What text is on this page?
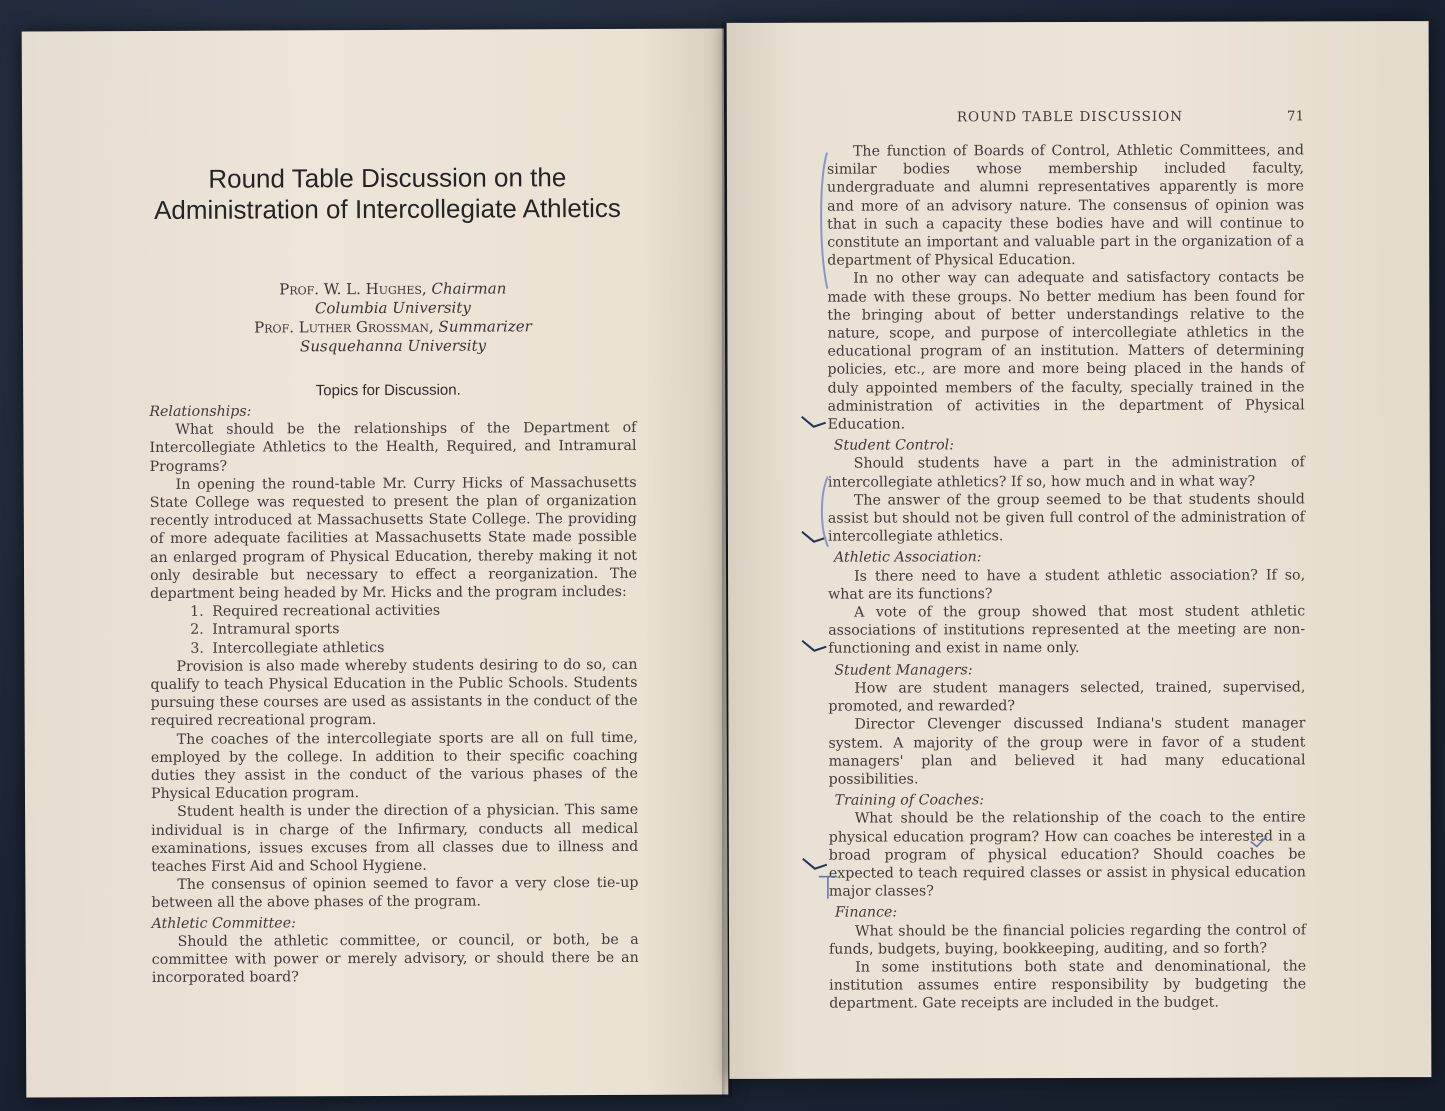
Round Table Discussion on the Administration of Intercollegiate Athletics
Prof. W. L. Hughes, Chairman
Columbia University
Prof. Luther Grossman, Summarizer
Susquehanna University
Topics for Discussion.

Relationships:

What should be the relationships of the Department of Intercollegiate Athletics to the Health, Required, and Intramural Programs?

In opening the round-table Mr. Curry Hicks of Massachusetts State College was requested to present the plan of organization recently introduced at Massachusetts State College. The providing of more adequate facilities at Massachusetts State made possible an enlarged program of Physical Education, thereby making it not only desirable but necessary to effect a reorganization. The department being headed by Mr. Hicks and the program includes:

1. Required recreational activities
2. Intramural sports
3. Intercollegiate athletics

Provision is also made whereby students desiring to do so, can qualify to teach Physical Education in the Public Schools. Students pursuing these courses are used as assistants in the conduct of the required recreational program.

The coaches of the intercollegiate sports are all on full time, employed by the college. In addition to their specific coaching duties they assist in the conduct of the various phases of the Physical Education program.

Student health is under the direction of a physician. This same individual is in charge of the Infirmary, conducts all medical examinations, issues excuses from all classes due to illness and teaches First Aid and School Hygiene.

The consensus of opinion seemed to favor a very close tie-up between all the above phases of the program.

Athletic Committee:

Should the athletic committee, or council, or both, be a committee with power or merely advisory, or should there be an incorporated board?

ROUND TABLE DISCUSSION	71

The function of Boards of Control, Athletic Committees, and similar bodies whose membership included faculty, undergraduate and alumni representatives apparently is more and more of an advisory nature. The consensus of opinion was that in such a capacity these bodies have and will continue to constitute an important and valuable part in the organization of a department of Physical Education.

In no other way can adequate and satisfactory contacts be made with these groups. No better medium has been found for the bringing about of better understandings relative to the nature, scope, and purpose of intercollegiate athletics in the educational program of an institution. Matters of determining policies, etc., are more and more being placed in the hands of duly appointed members of the faculty, specially trained in the administration of activities in the department of Physical Education.

Student Control:

Should students have a part in the administration of intercollegiate athletics? If so, how much and in what way?

The answer of the group seemed to be that students should assist but should not be given full control of the administration of intercollegiate athletics.

Athletic Association:

Is there need to have a student athletic association? If so, what are its functions?

A vote of the group showed that most student athletic associations of institutions represented at the meeting are non-functioning and exist in name only.

Student Managers:

How are student managers selected, trained, supervised, promoted, and rewarded?

Director Clevenger discussed Indiana's student manager system. A majority of the group were in favor of a student managers' plan and believed it had many educational possibilities.

Training of Coaches:

What should be the relationship of the coach to the entire physical education program? How can coaches be interested in a broad program of physical education? Should coaches be expected to teach required classes or assist in physical education major classes?

Finance:

What should be the financial policies regarding the control of funds, budgets, buying, bookkeeping, auditing, and so forth?

In some institutions both state and denominational, the institution assumes entire responsibility by budgeting the department. Gate receipts are included in the budget.
